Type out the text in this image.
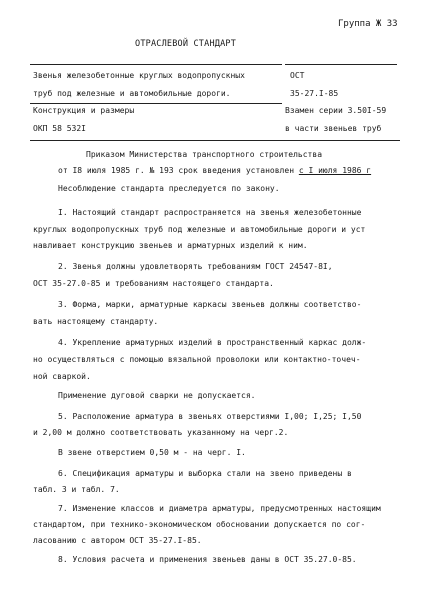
Группа Ж 33
ОТРАСЛЕВОЙ СТАНДАРТ
Звенья железобетонные круглых водопропускных	ОСТ
труб под железные и автомобильные дороги.	35-27.I-85
Конструкция и размеры	Взамен серии 3.50I-59
ОКП 58 532I	в части звеньев труб
Приказом Министерства транспортного строительства
от I8 июля 1985 г. № 193 срок введения установлен с I июля 1986 г
Несоблюдение стандарта преследуется по закону.
I. Настоящий стандарт распространяется на звенья железобетонные
круглых водопропускных труб под железные и автомобильные дороги и уст
навливает конструкцию звеньев и арматурных изделий к ним.
2. Звенья должны удовлетворять требованиям ГОСТ 24547-8I,
ОСТ 35-27.0-85 и требованиям настоящего стандарта.
3. Форма, марки, арматурные каркасы звеньев должны соответство-
вать настоящему стандарту.
4. Укрепление арматурных изделий в пространственный каркас долж-
но осуществляться с помощью вязальной проволоки или контактно-точеч-
ной сваркой.
Применение дуговой сварки не допускается.
5. Расположение арматура в звеньях отверстиями I,00; I,25; I,50
и 2,00 м должно соответствовать указанному на черг.2.
В звене отверстием 0,50 м - на черг. I.
6. Спецификация арматуры и выборка стали на звено приведены в
табл. 3 и табл. 7.
7. Изменение классов и диаметра арматуры, предусмотренных настоящим
стандартом, при технико-экономическом обосновании допускается по сог-
ласованию с автором ОСТ 35-27.I-85.
8. Условия расчета и применения звеньев даны в ОСТ 35.27.0-85.
